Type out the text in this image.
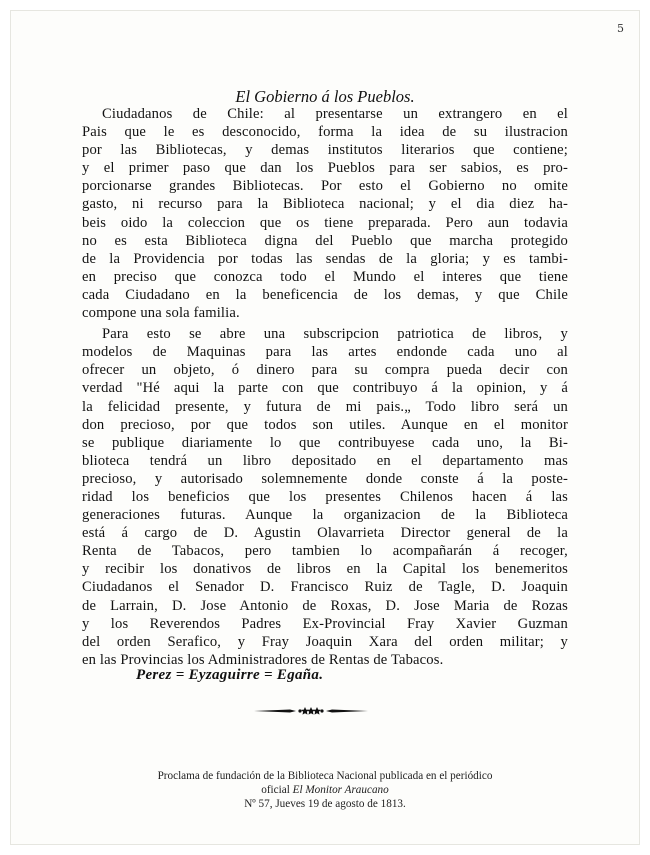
5
El Gobierno á los Pueblos.
Ciudadanos de Chile: al presentarse un extrangero en el
Pais que le es desconocido, forma la idea de su ilustracion
por las Bibliotecas, y demas institutos literarios que contiene;
y el primer paso que dan los Pueblos para ser sabios, es pro-
porcionarse grandes Bibliotecas. Por esto el Gobierno no omite
gasto, ni recurso para la Biblioteca nacional; y el dia diez ha-
beis oido la coleccion que os tiene preparada. Pero aun todavia
no es esta Biblioteca digna del Pueblo que marcha protegido
de la Providencia por todas las sendas de la gloria; y es tambi-
en preciso que conozca todo el Mundo el interes que tiene
cada Ciudadano en la beneficencia de los demas, y que Chile
compone una sola familia.
Para esto se abre una subscripcion patriotica de libros, y
modelos de Maquinas para las artes endonde cada uno al
ofrecer un objeto, ó dinero para su compra pueda decir con
verdad "Hé aqui la parte con que contribuyo á la opinion, y á
la felicidad presente, y futura de mi pais.„ Todo libro será un
don precioso, por que todos son utiles. Aunque en el monitor
se publique diariamente lo que contribuyese cada uno, la Bi-
blioteca tendrá un libro depositado en el departamento mas
precioso, y autorisado solemnemente donde conste á la poste-
ridad los beneficios que los presentes Chilenos hacen á las
generaciones futuras. Aunque la organizacion de la Biblioteca
está á cargo de D. Agustin Olavarrieta Director general de la
Renta de Tabacos, pero tambien lo acompañarán á recoger,
y recibir los donativos de libros en la Capital los benemeritos
Ciudadanos el Senador D. Francisco Ruiz de Tagle, D. Joaquin
de Larrain, D. Jose Antonio de Roxas, D. Jose Maria de Rozas
y los Reverendos Padres Ex-Provincial Fray Xavier Guzman
del orden Serafico, y Fray Joaquin Xara del orden militar; y
en las Provincias los Administradores de Rentas de Tabacos.
Perez = Eyzaguirre = Egaña.
Proclama de fundación de la Biblioteca Nacional publicada en el periódico
oficial El Monitor Araucano
Nº 57, Jueves 19 de agosto de 1813.
